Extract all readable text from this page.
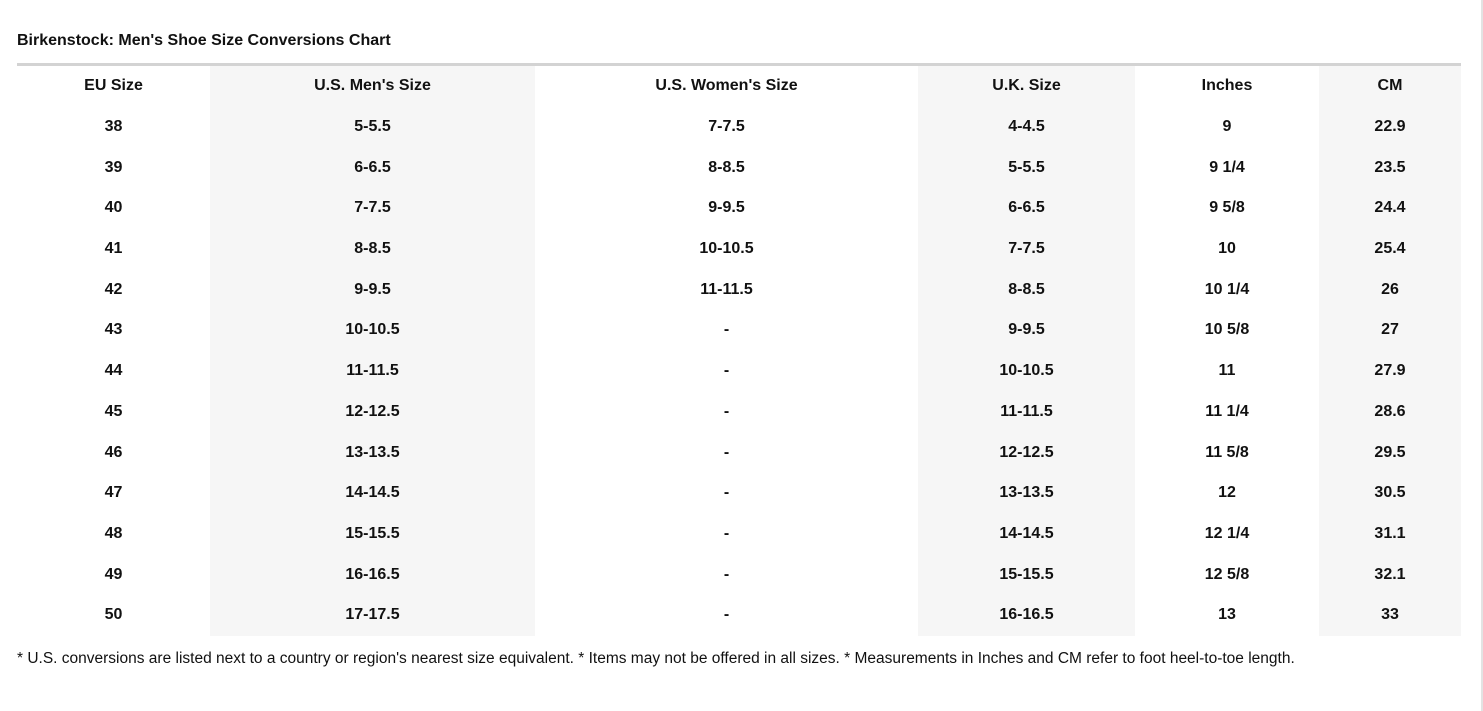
Birkenstock: Men's Shoe Size Conversions Chart
EU Size	U.S. Men's Size	U.S. Women's Size	U.K. Size	Inches	CM
38	5-5.5	7-7.5	4-4.5	9	22.9
39	6-6.5	8-8.5	5-5.5	9 1/4	23.5
40	7-7.5	9-9.5	6-6.5	9 5/8	24.4
41	8-8.5	10-10.5	7-7.5	10	25.4
42	9-9.5	11-11.5	8-8.5	10 1/4	26
43	10-10.5	-	9-9.5	10 5/8	27
44	11-11.5	-	10-10.5	11	27.9
45	12-12.5	-	11-11.5	11 1/4	28.6
46	13-13.5	-	12-12.5	11 5/8	29.5
47	14-14.5	-	13-13.5	12	30.5
48	15-15.5	-	14-14.5	12 1/4	31.1
49	16-16.5	-	15-15.5	12 5/8	32.1
50	17-17.5	-	16-16.5	13	33
* U.S. conversions are listed next to a country or region's nearest size equivalent. * Items may not be offered in all sizes. * Measurements in Inches and CM refer to foot heel-to-toe length.
